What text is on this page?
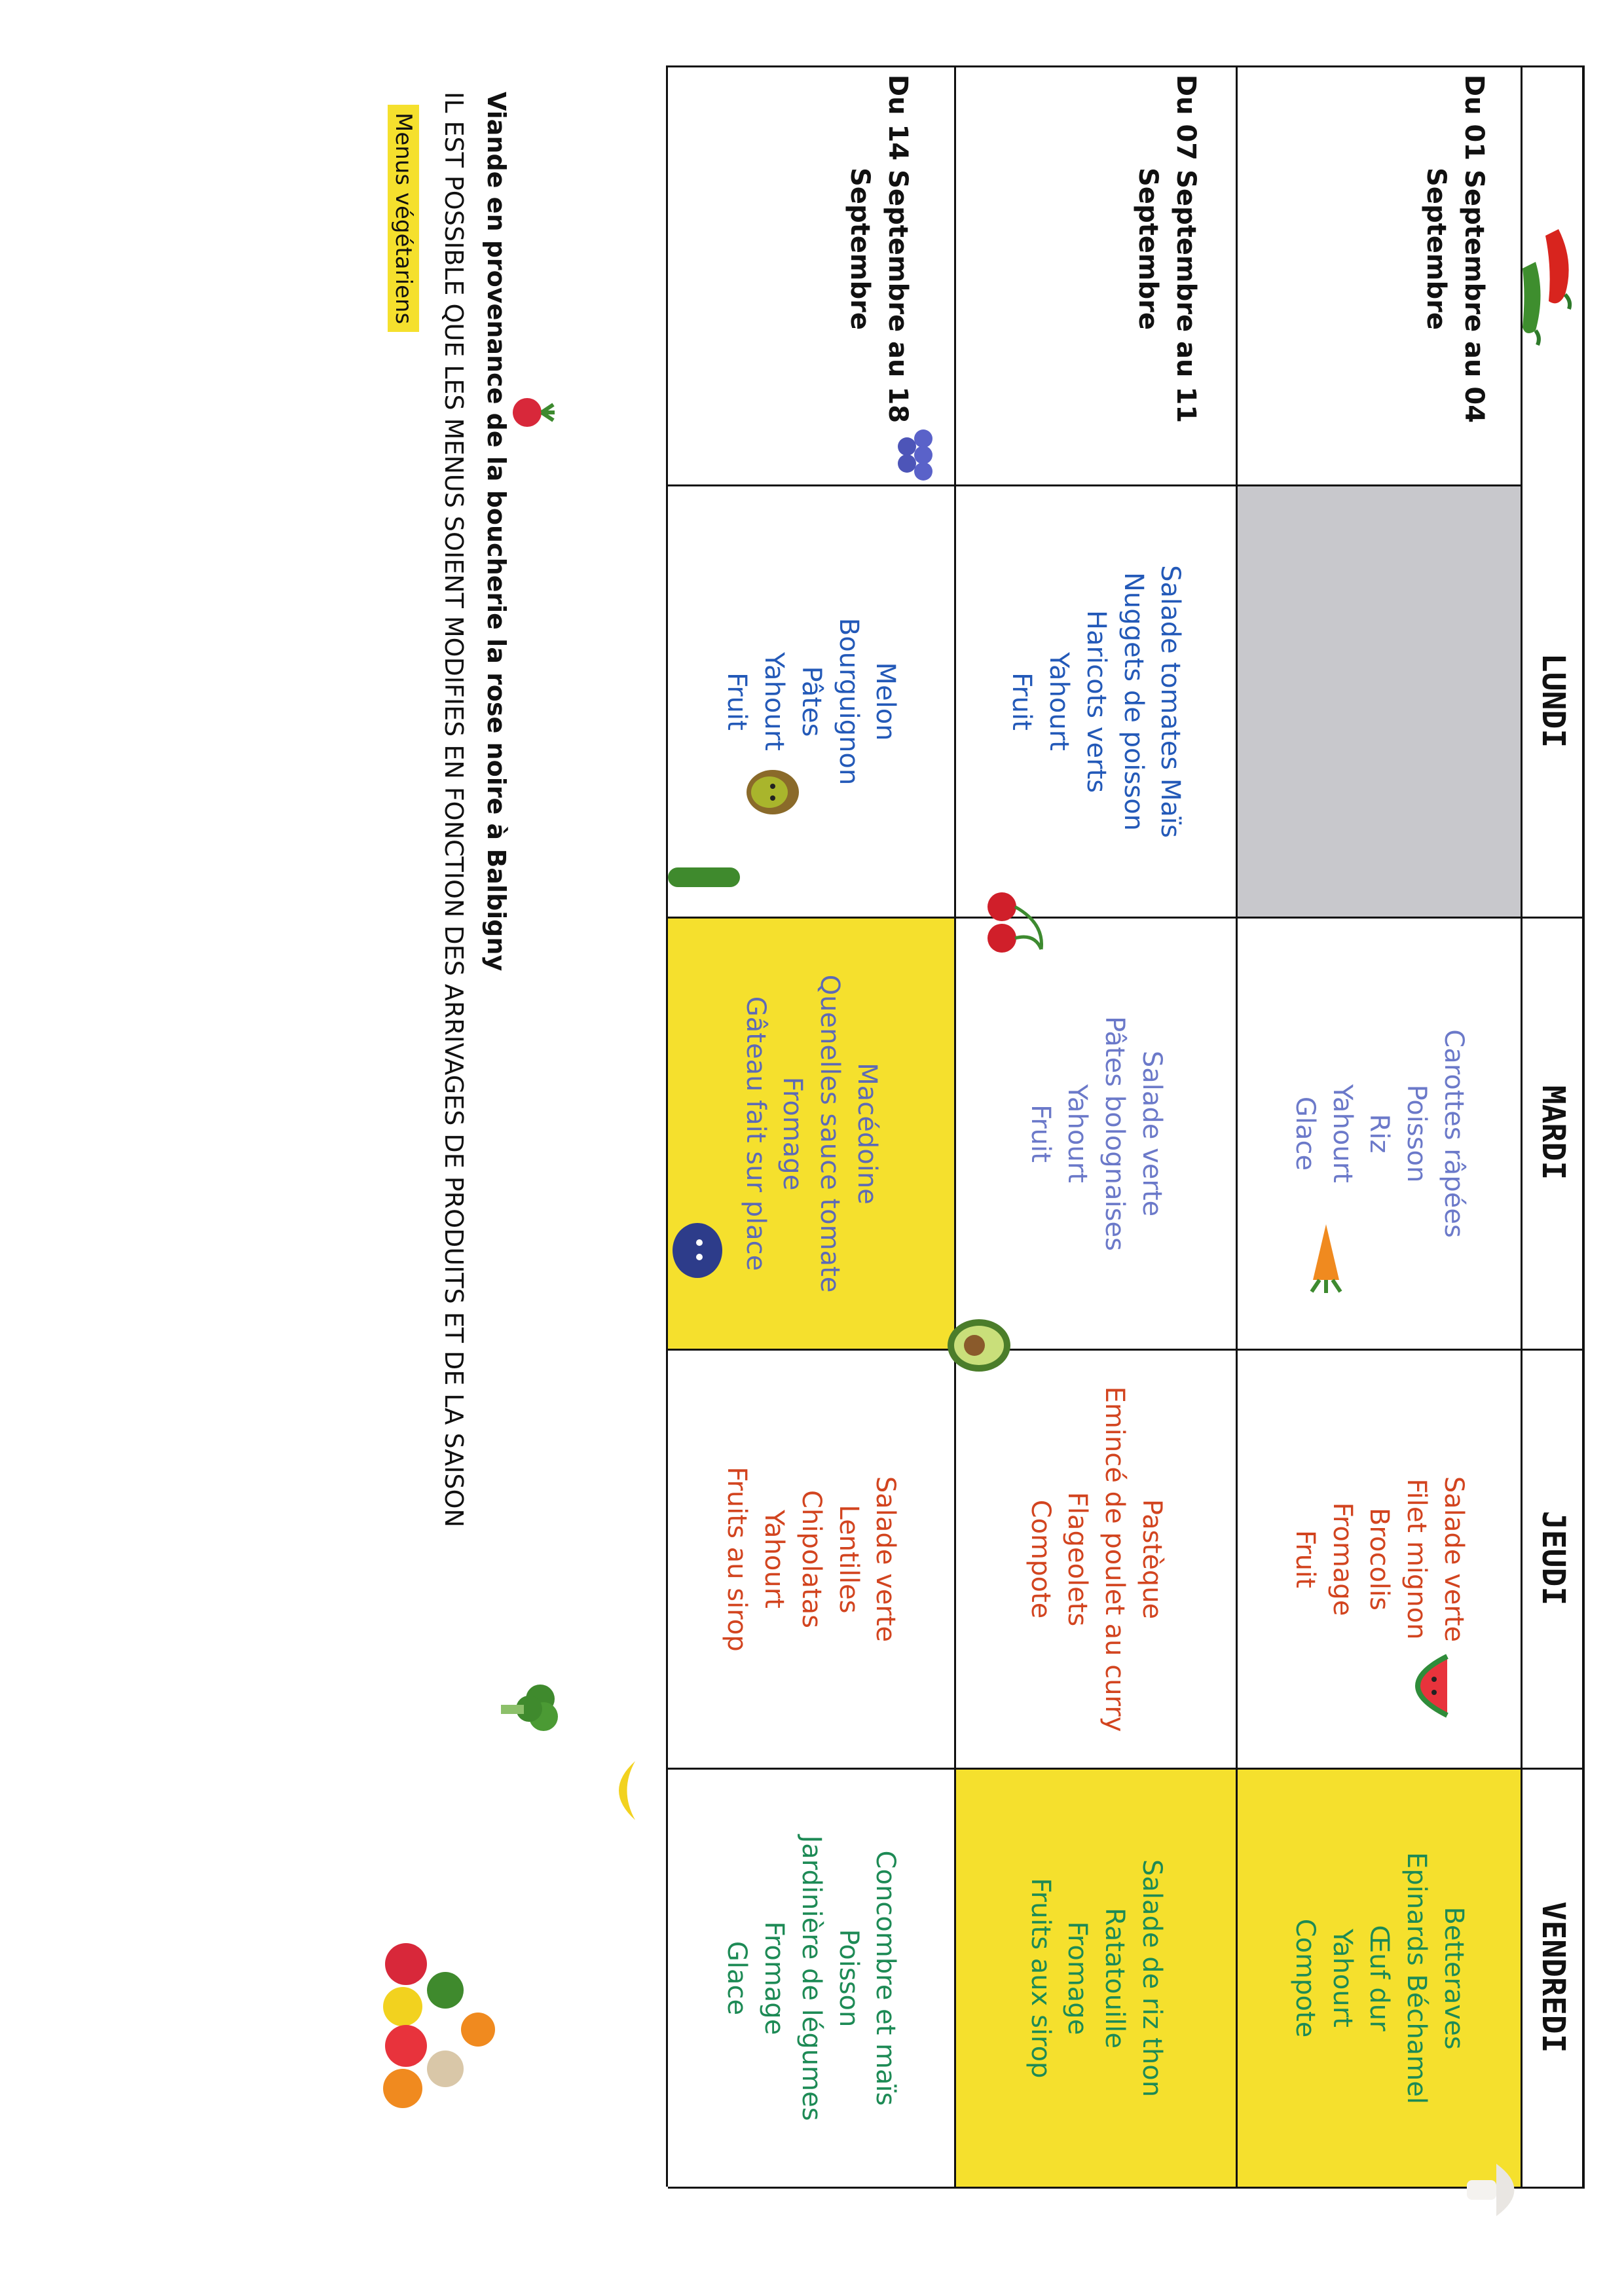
LUNDI
MARDI
JEUDI
VENDREDI
Du 01 Septembre au 04 Septembre
Du 07 Septembre au 11 Septembre
Du 14 Septembre au 18 Septembre
Carottes râpées
Poisson
Riz
Yahourt
Glace
Salade verte
Filet mignon
Brocolis
Fromage
Fruit
Betteraves
Epinards Béchamel
Œuf dur
Yahourt
Compote
Salade tomates Maïs
Nuggets de poisson
Haricots verts
Yahourt
Fruit
Salade verte
Pâtes bolognaises
Yahourt
Fruit
Pastèque
Emincé de poulet au curry
Flageolets
Compote
Salade de riz thon
Ratatouille
Fromage
Fruits aux sirop
Melon
Bourguignon
Pâtes
Yahourt
Fruit
Macédoine
Quenelles sauce tomate
Fromage
Gâteau fait sur place
Salade verte
Lentilles
Chipolatas
Yahourt
Fruits au sirop
Concombre et maïs
Poisson
Jardinière de légumes
Fromage
Glace
Viande en provenance de la boucherie la rose noire à Balbigny
IL EST POSSIBLE QUE LES MENUS SOIENT MODIFIES EN FONCTION DES ARRIVAGES DE PRODUITS ET DE LA SAISON
Menus végétariens
